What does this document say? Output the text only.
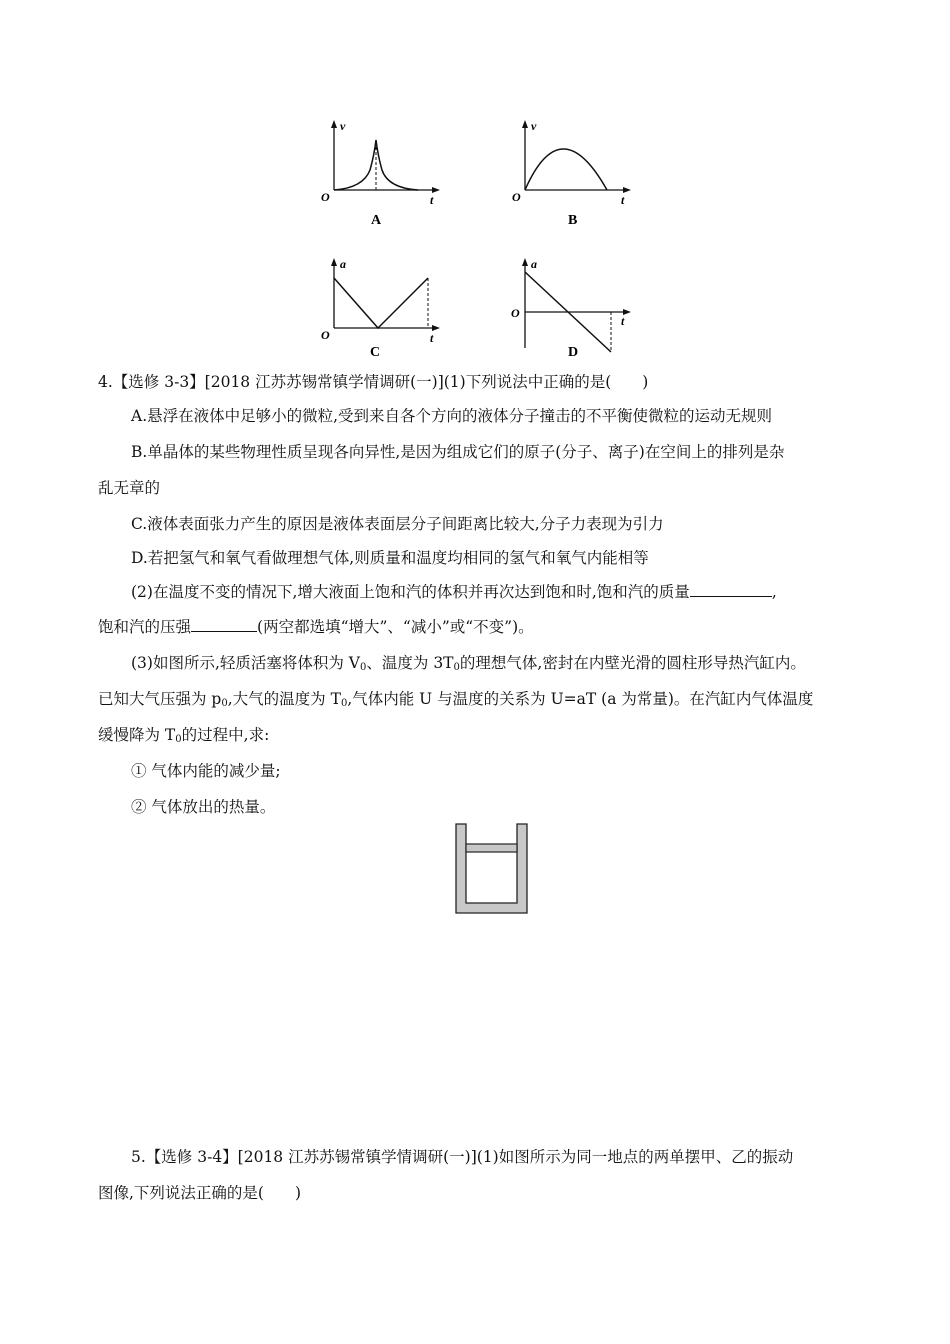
v
t
O
A
v
t
O
B
a
t
O
C
a
t
O
D
4.【选修 3-3】[2018 江苏苏锡常镇学情调研(一)](1)下列说法中正确的是(　　)
A.悬浮在液体中足够小的微粒,受到来自各个方向的液体分子撞击的不平衡使微粒的运动无规则
B.单晶体的某些物理性质呈现各向异性,是因为组成它们的原子(分子、离子)在空间上的排列是杂
乱无章的
C.液体表面张力产生的原因是液体表面层分子间距离比较大,分子力表现为引力
D.若把氢气和氧气看做理想气体,则质量和温度均相同的氢气和氧气内能相等
(2)在温度不变的情况下,增大液面上饱和汽的体积并再次达到饱和时,饱和汽的质量	,
饱和汽的压强	(两空都选填“增大”、“减小”或“不变”)。
(3)如图所示,轻质活塞将体积为 $V_0$、温度为 $3T_0$的理想气体,密封在内壁光滑的圆柱形导热汽缸内。
已知大气压强为 $p_0$,大气的温度为 $T_0$,气体内能 U 与温度的关系为 U=aT (a 为常量)。在汽缸内气体温度
缓慢降为 $T_0$的过程中,求:
① 气体内能的减少量;
② 气体放出的热量。
5.【选修 3-4】[2018 江苏苏锡常镇学情调研(一)](1)如图所示为同一地点的两单摆甲、乙的振动
图像,下列说法正确的是(　　)
